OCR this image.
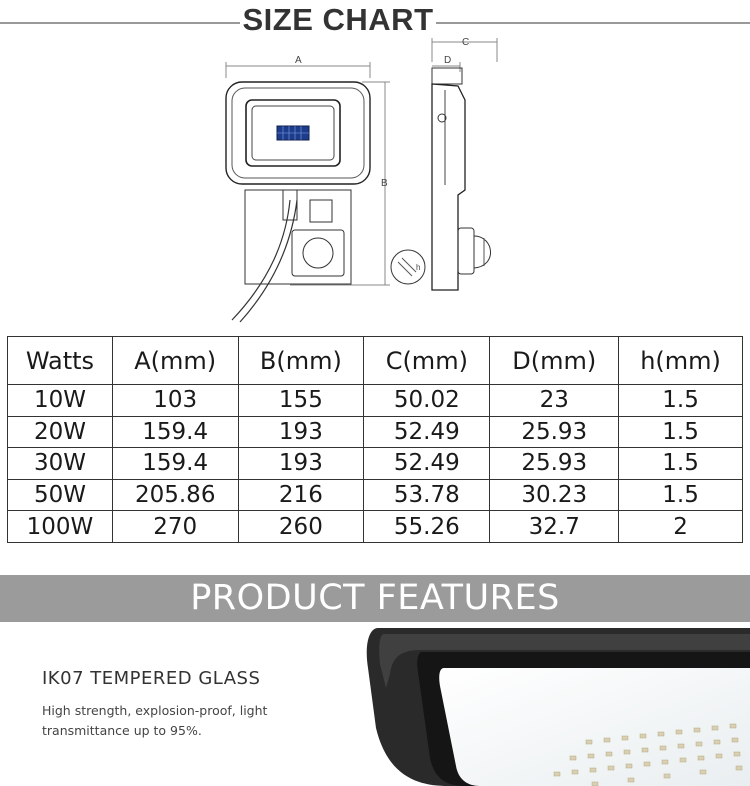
SIZE CHART
A
B
C
D
h
Watts	A(mm)	B(mm)	C(mm)	D(mm)	h(mm)
10W	103	155	50.02	23	1.5
20W	159.4	193	52.49	25.93	1.5
30W	159.4	193	52.49	25.93	1.5
50W	205.86	216	53.78	30.23	1.5
100W	270	260	55.26	32.7	2
PRODUCT FEATURES
IK07 TEMPERED GLASS
High strength, explosion-proof, light transmittance up to 95%.
